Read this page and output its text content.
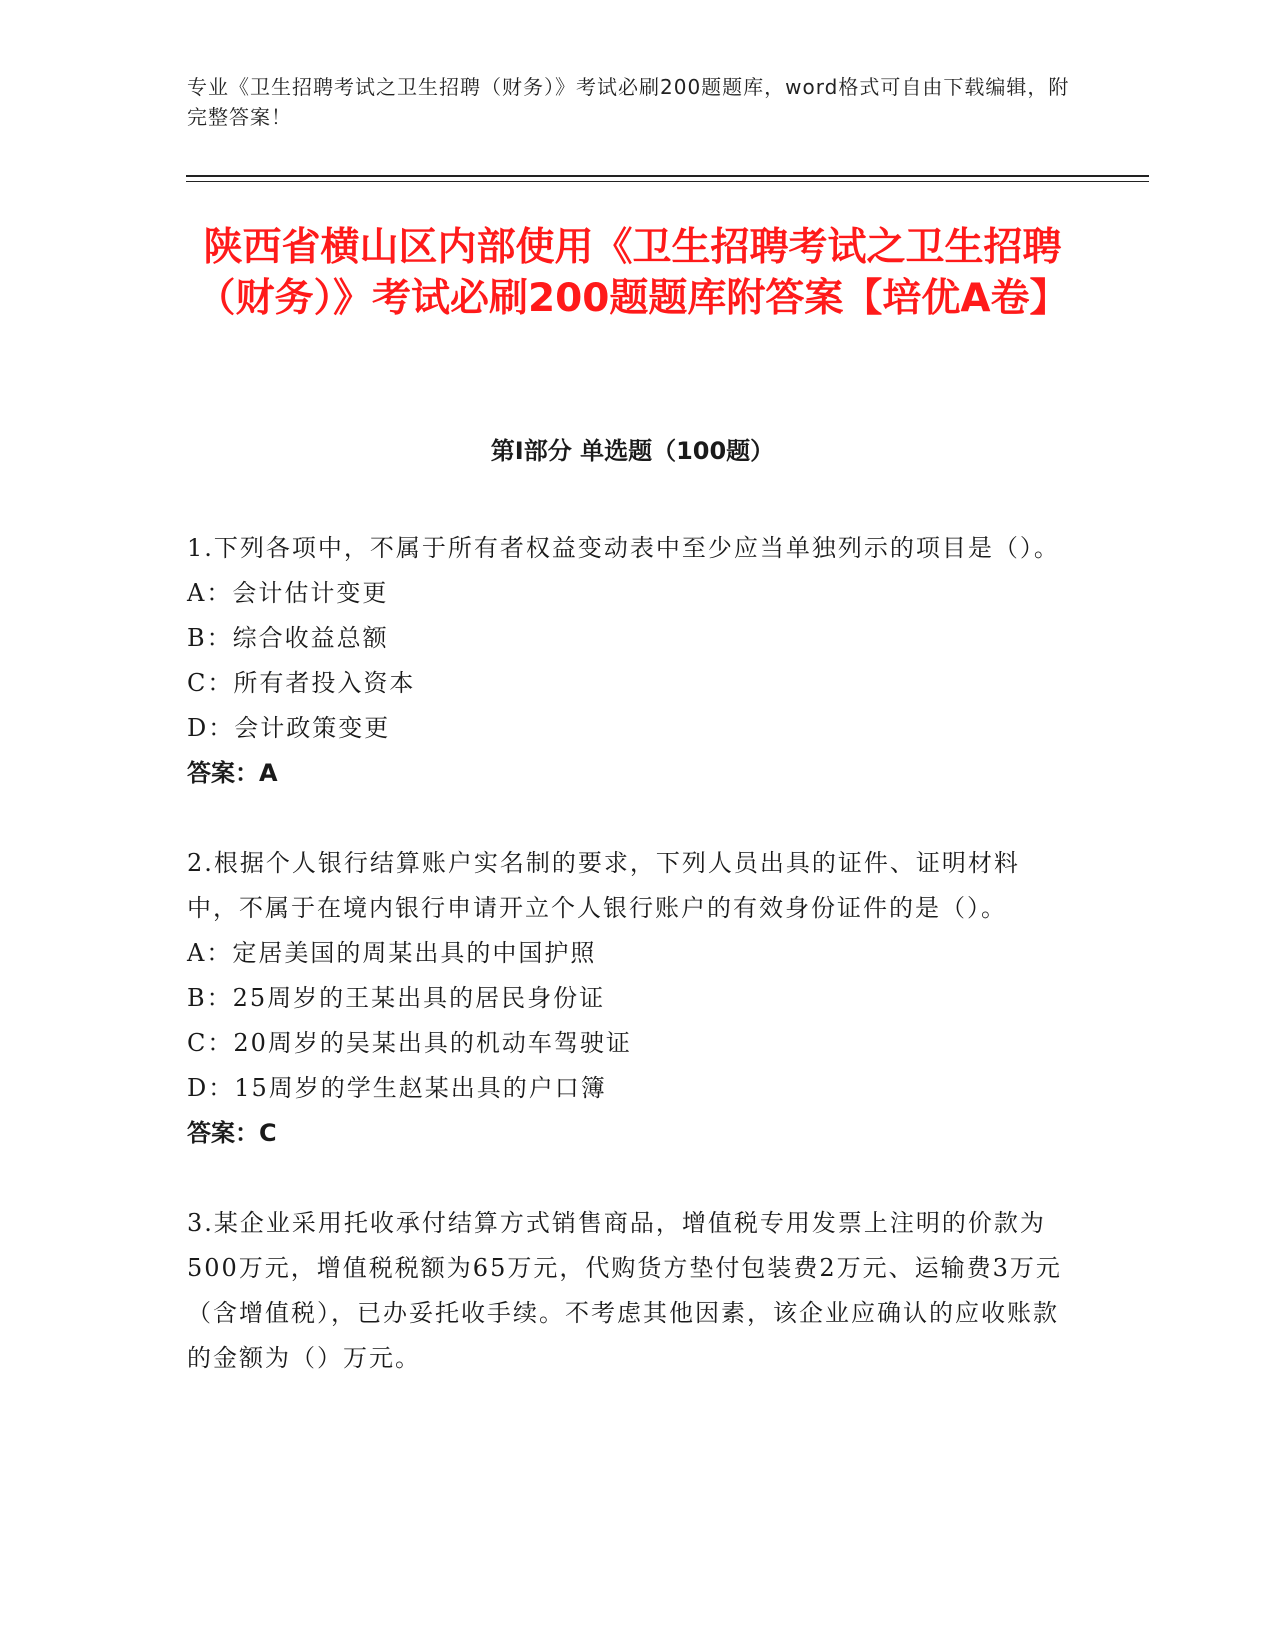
专业《卫生招聘考试之卫生招聘（财务）》考试必刷200题题库，word格式可自由下载编辑，附完整答案！
陕西省横山区内部使用《卫生招聘考试之卫生招聘（财务）》考试必刷200题题库附答案【培优A卷】
第Ⅰ部分 单选题（100题）

1.下列各项中，不属于所有者权益变动表中至少应当单独列示的项目是（）。

A：会计估计变更

B：综合收益总额

C：所有者投入资本

D：会计政策变更

答案：A

2.根据个人银行结算账户实名制的要求，下列人员出具的证件、证明材料中，不属于在境内银行申请开立个人银行账户的有效身份证件的是（）。

A：定居美国的周某出具的中国护照

B：25周岁的王某出具的居民身份证

C：20周岁的吴某出具的机动车驾驶证

D：15周岁的学生赵某出具的户口簿

答案：C

3.某企业采用托收承付结算方式销售商品，增值税专用发票上注明的价款为500万元，增值税税额为65万元，代购货方垫付包装费2万元、运输费3万元（含增值税），已办妥托收手续。不考虑其他因素，该企业应确认的应收账款的金额为（）万元。
